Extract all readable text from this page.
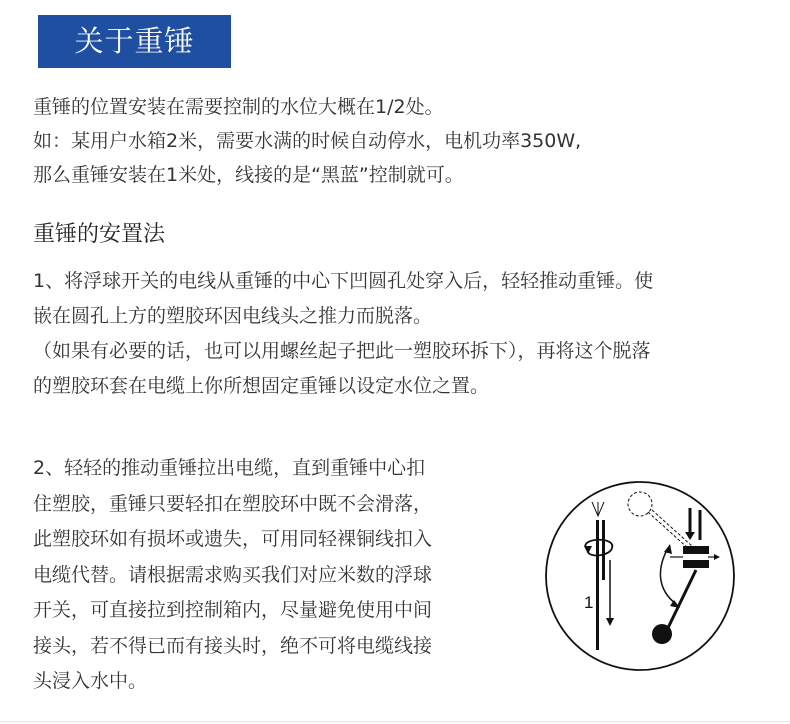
关于重锤

重锤的位置安装在需要控制的水位大概在1/2处。

如：某用户水箱2米，需要水满的时候自动停水，电机功率350W,

那么重锤安装在1米处，线接的是“黑蓝”控制就可。

重锤的安置法

1、将浮球开关的电线从重锤的中心下凹圆孔处穿入后，轻轻推动重锤。使

嵌在圆孔上方的塑胶环因电线头之推力而脱落。

（如果有必要的话，也可以用螺丝起子把此一塑胶环拆下），再将这个脱落

的塑胶环套在电缆上你所想固定重锤以设定水位之置。

2、轻轻的推动重锤拉出电缆，直到重锤中心扣

住塑胶，重锤只要轻扣在塑胶环中既不会滑落，

此塑胶环如有损坏或遗失，可用同轻裸铜线扣入

电缆代替。请根据需求购买我们对应米数的浮球

开关，可直接拉到控制箱内，尽量避免使用中间

接头，若不得已而有接头时，绝不可将电缆线接

头浸入水中。

1
